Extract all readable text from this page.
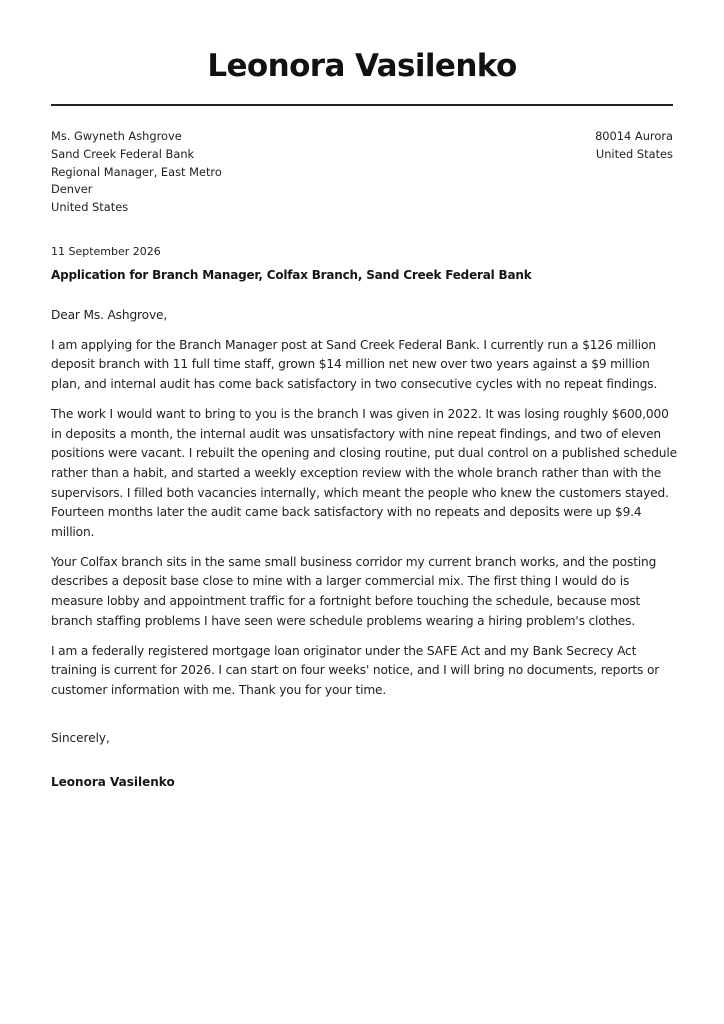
Leonora Vasilenko
Ms. Gwyneth Ashgrove
Sand Creek Federal Bank
Regional Manager, East Metro
Denver
United States
80014 Aurora
United States
11 September 2026
Application for Branch Manager, Colfax Branch, Sand Creek Federal Bank

Dear Ms. Ashgrove,

I am applying for the Branch Manager post at Sand Creek Federal Bank. I currently run a $126 million deposit branch with 11 full time staff, grown $14 million net new over two years against a $9 million plan, and internal audit has come back satisfactory in two consecutive cycles with no repeat findings.

The work I would want to bring to you is the branch I was given in 2022. It was losing roughly $600,000 in deposits a month, the internal audit was unsatisfactory with nine repeat findings, and two of eleven positions were vacant. I rebuilt the opening and closing routine, put dual control on a published schedule rather than a habit, and started a weekly exception review with the whole branch rather than with the supervisors. I filled both vacancies internally, which meant the people who knew the customers stayed. Fourteen months later the audit came back satisfactory with no repeats and deposits were up $9.4 million.

Your Colfax branch sits in the same small business corridor my current branch works, and the posting describes a deposit base close to mine with a larger commercial mix. The first thing I would do is measure lobby and appointment traffic for a fortnight before touching the schedule, because most branch staffing problems I have seen were schedule problems wearing a hiring problem's clothes.

I am a federally registered mortgage loan originator under the SAFE Act and my Bank Secrecy Act training is current for 2026. I can start on four weeks' notice, and I will bring no documents, reports or customer information with me. Thank you for your time.

Sincerely,
Leonora Vasilenko
